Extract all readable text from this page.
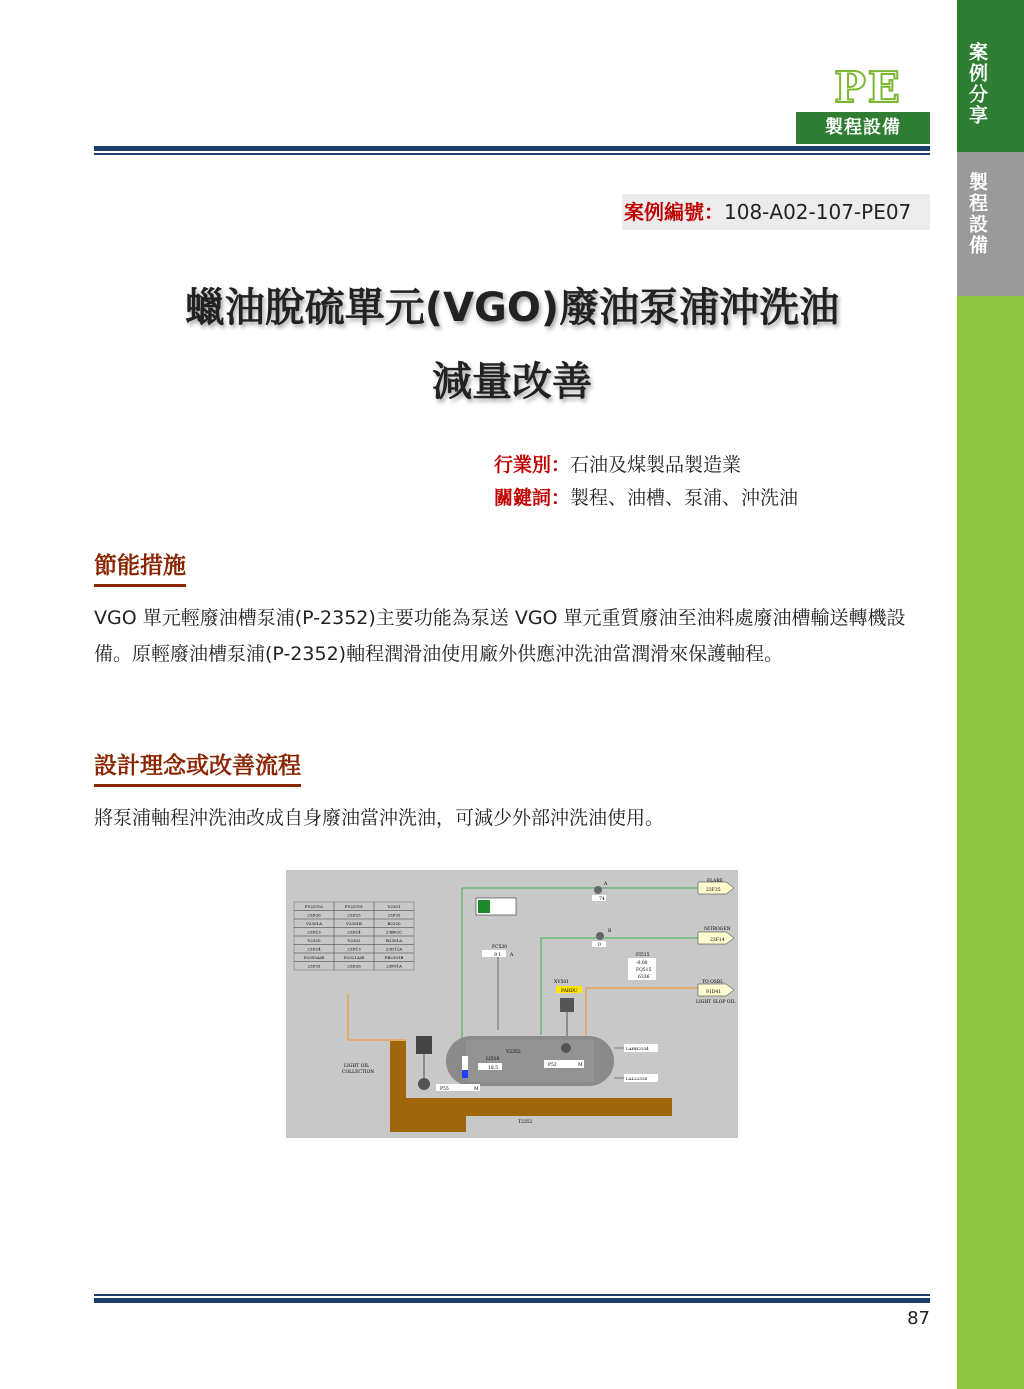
案例分享
製程設備
PE
製程設備
案例編號：108-A02-107-PE07
蠟油脫硫單元(VGO)廢油泵浦沖洗油
減量改善
行業別：石油及煤製品製造業
關鍵詞：製程、油槽、泵浦、沖洗油
節能措施
VGO 單元輕廢油槽泵浦(P-2352)主要功能為泵送 VGO 單元重質廢油至油料處廢油槽輸送轉機設備。原輕廢油槽泵浦(P-2352)軸程潤滑油使用廠外供應沖洗油當潤滑來保護軸程。
設計理念或改善流程
將泵浦軸程沖洗油改成自身廢油當沖洗油，可減少外部沖洗油使用。
FV23702	FV23701	V2351
23D26	23D25	23F35
V2301A	V2301B	B2320
23D13	23D14	23B02C
V2320	V2302	B2301A
23D24	23D13	23D11A
P2355A/B	P2321A/B	PB2301B
23F35	23D26	23F01A
FLARE
23F35
NITROGEN
23F14
TO OSBL
91D41
LIGHT SLOP OIL
A
74
B
0
FC530
9.1 A	FI515
-0.00
FQ515
6336
XV501
PARDU
V2352
LI516
18.5
P52	M
LAHH2534
LALL2534
LIGHT OIL
COLLECTION
P55	M
T2352
87
